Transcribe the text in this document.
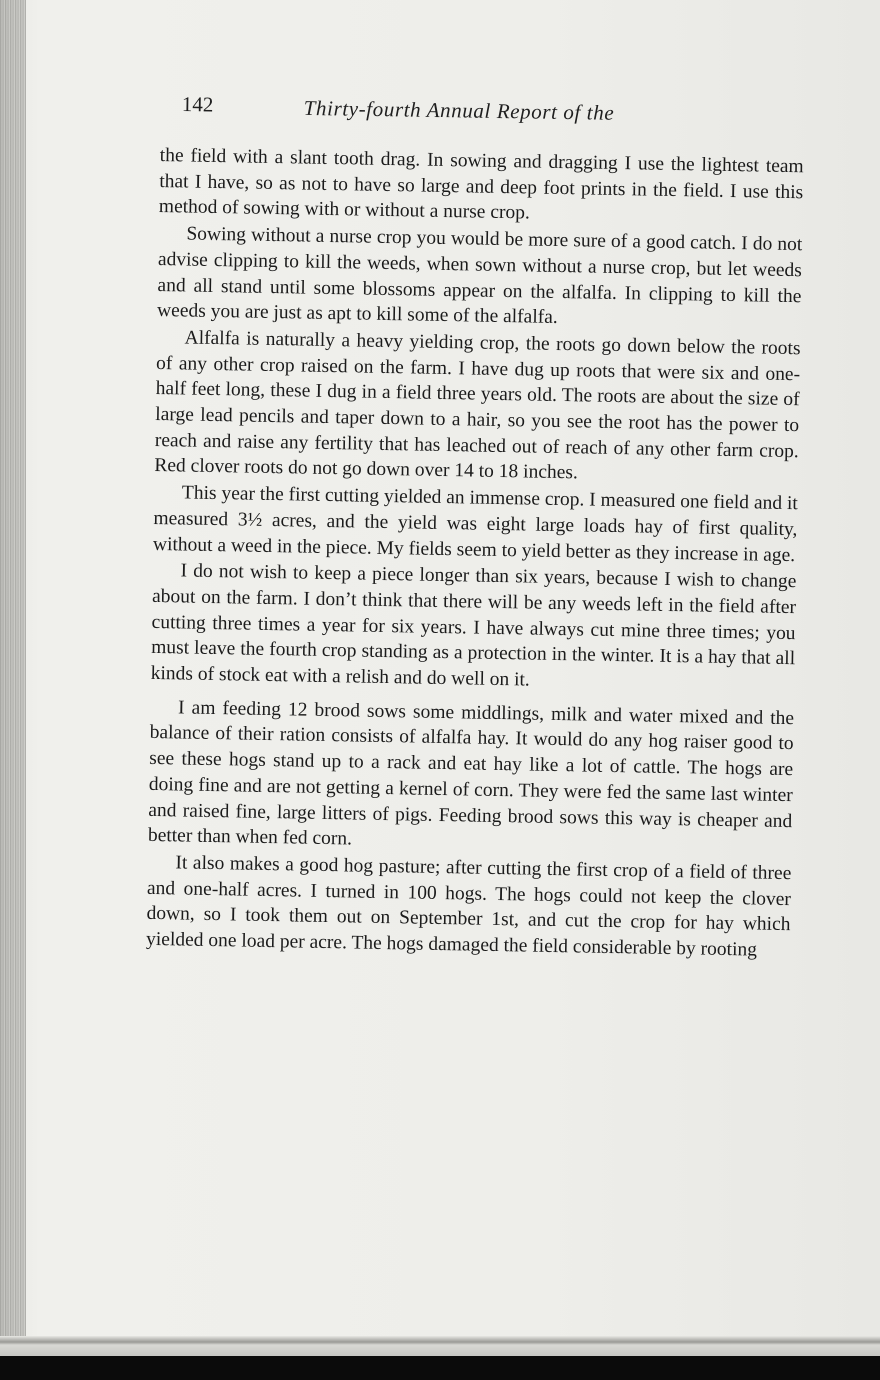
142	Thirty-fourth Annual Report of the

the field with a slant tooth drag. In sowing and dragging I use the lightest team that I have, so as not to have so large and deep foot prints in the field. I use this method of sowing with or without a nurse crop.

Sowing without a nurse crop you would be more sure of a good catch. I do not advise clipping to kill the weeds, when sown without a nurse crop, but let weeds and all stand until some blossoms appear on the alfalfa. In clipping to kill the weeds you are just as apt to kill some of the alfalfa.

Alfalfa is naturally a heavy yielding crop, the roots go down below the roots of any other crop raised on the farm. I have dug up roots that were six and one-half feet long, these I dug in a field three years old. The roots are about the size of large lead pencils and taper down to a hair, so you see the root has the power to reach and raise any fertility that has leached out of reach of any other farm crop. Red clover roots do not go down over 14 to 18 inches.

This year the first cutting yielded an immense crop. I measured one field and it measured 3½ acres, and the yield was eight large loads hay of first quality, without a weed in the piece. My fields seem to yield better as they increase in age.

I do not wish to keep a piece longer than six years, because I wish to change about on the farm. I don’t think that there will be any weeds left in the field after cutting three times a year for six years. I have always cut mine three times; you must leave the fourth crop standing as a protection in the winter. It is a hay that all kinds of stock eat with a relish and do well on it.

I am feeding 12 brood sows some middlings, milk and water mixed and the balance of their ration consists of alfalfa hay. It would do any hog raiser good to see these hogs stand up to a rack and eat hay like a lot of cattle. The hogs are doing fine and are not getting a kernel of corn. They were fed the same last winter and raised fine, large litters of pigs. Feeding brood sows this way is cheaper and better than when fed corn.

It also makes a good hog pasture; after cutting the first crop of a field of three and one-half acres. I turned in 100 hogs. The hogs could not keep the clover down, so I took them out on September 1st, and cut the crop for hay which yielded one load per acre. The hogs damaged the field considerable by rooting
